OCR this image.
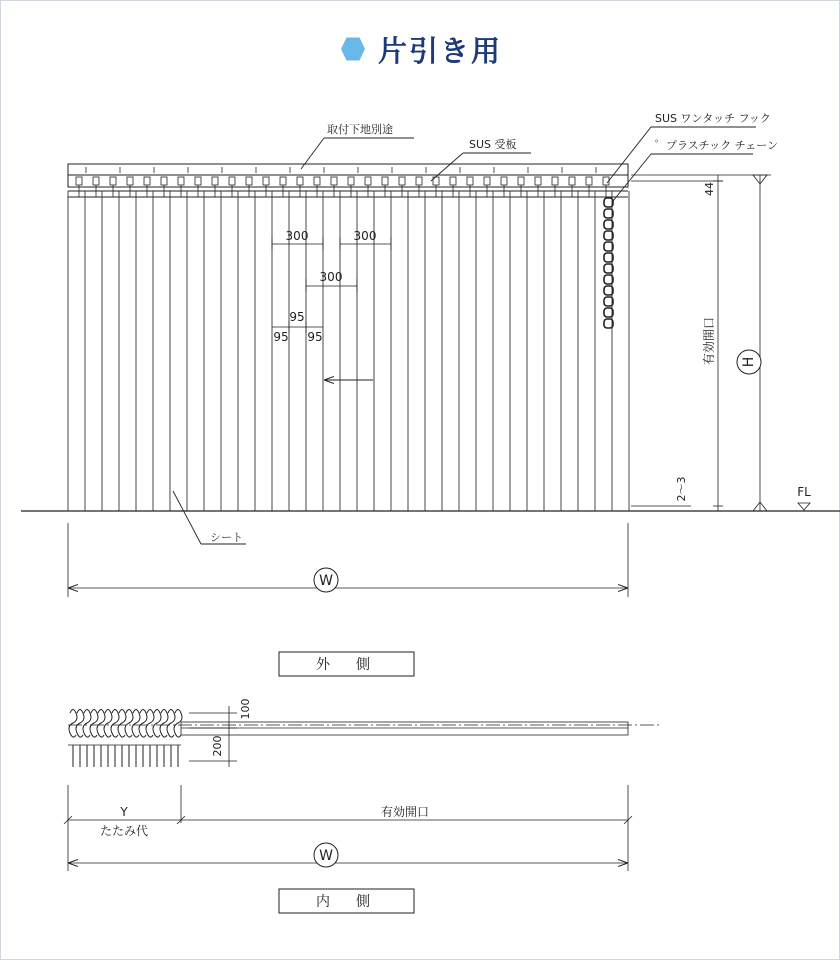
片引き用
取付下地別途
SUS 受板
SUS ワンタッチ フック
゜プラスチック チェーン
300	300
300
95
95 95
シート
44
有効開口
2～3
H
FL
W
外　側
100
200
Y
たたみ代
有効開口
W
内　側
